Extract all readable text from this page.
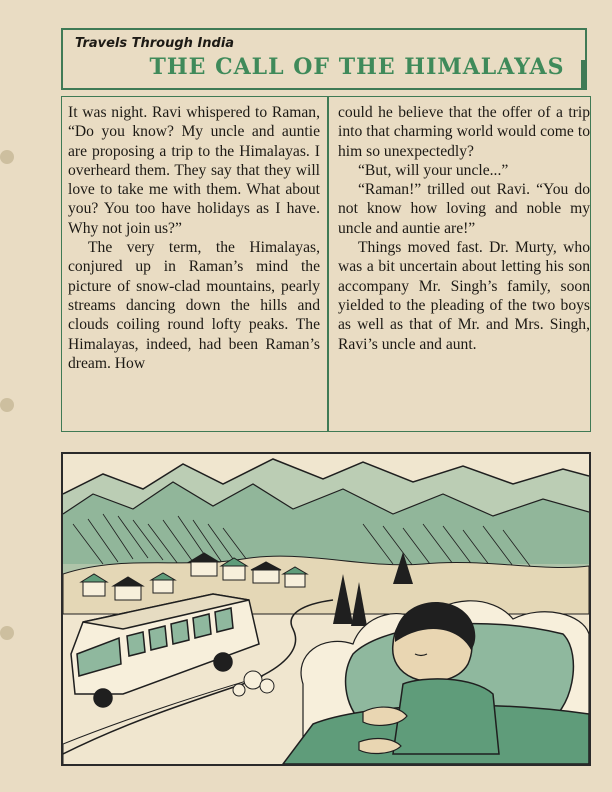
Travels Through India
THE CALL OF THE HIMALAYAS

It was night. Ravi whispered to Raman, “Do you know? My uncle and auntie are proposing a trip to the Himalayas. I overheard them. They say that they will love to take me with them. What about you? You too have holidays as I have. Why not join us?”

The very term, the Himalayas, conjured up in Raman’s mind the picture of snow-clad mountains, pearly streams dancing down the hills and clouds coiling round lofty peaks. The Himalayas, indeed, had been Raman’s dream. How

could he believe that the offer of a trip into that charming world would come to him so unexpectedly?

“But, will your uncle...”

“Raman!” trilled out Ravi. “You do not know how loving and noble my uncle and auntie are!”

Things moved fast. Dr. Murty, who was a bit uncertain about letting his son accompany Mr. Singh’s family, soon yielded to the pleading of the two boys as well as that of Mr. and Mrs. Singh, Ravi’s uncle and aunt.
